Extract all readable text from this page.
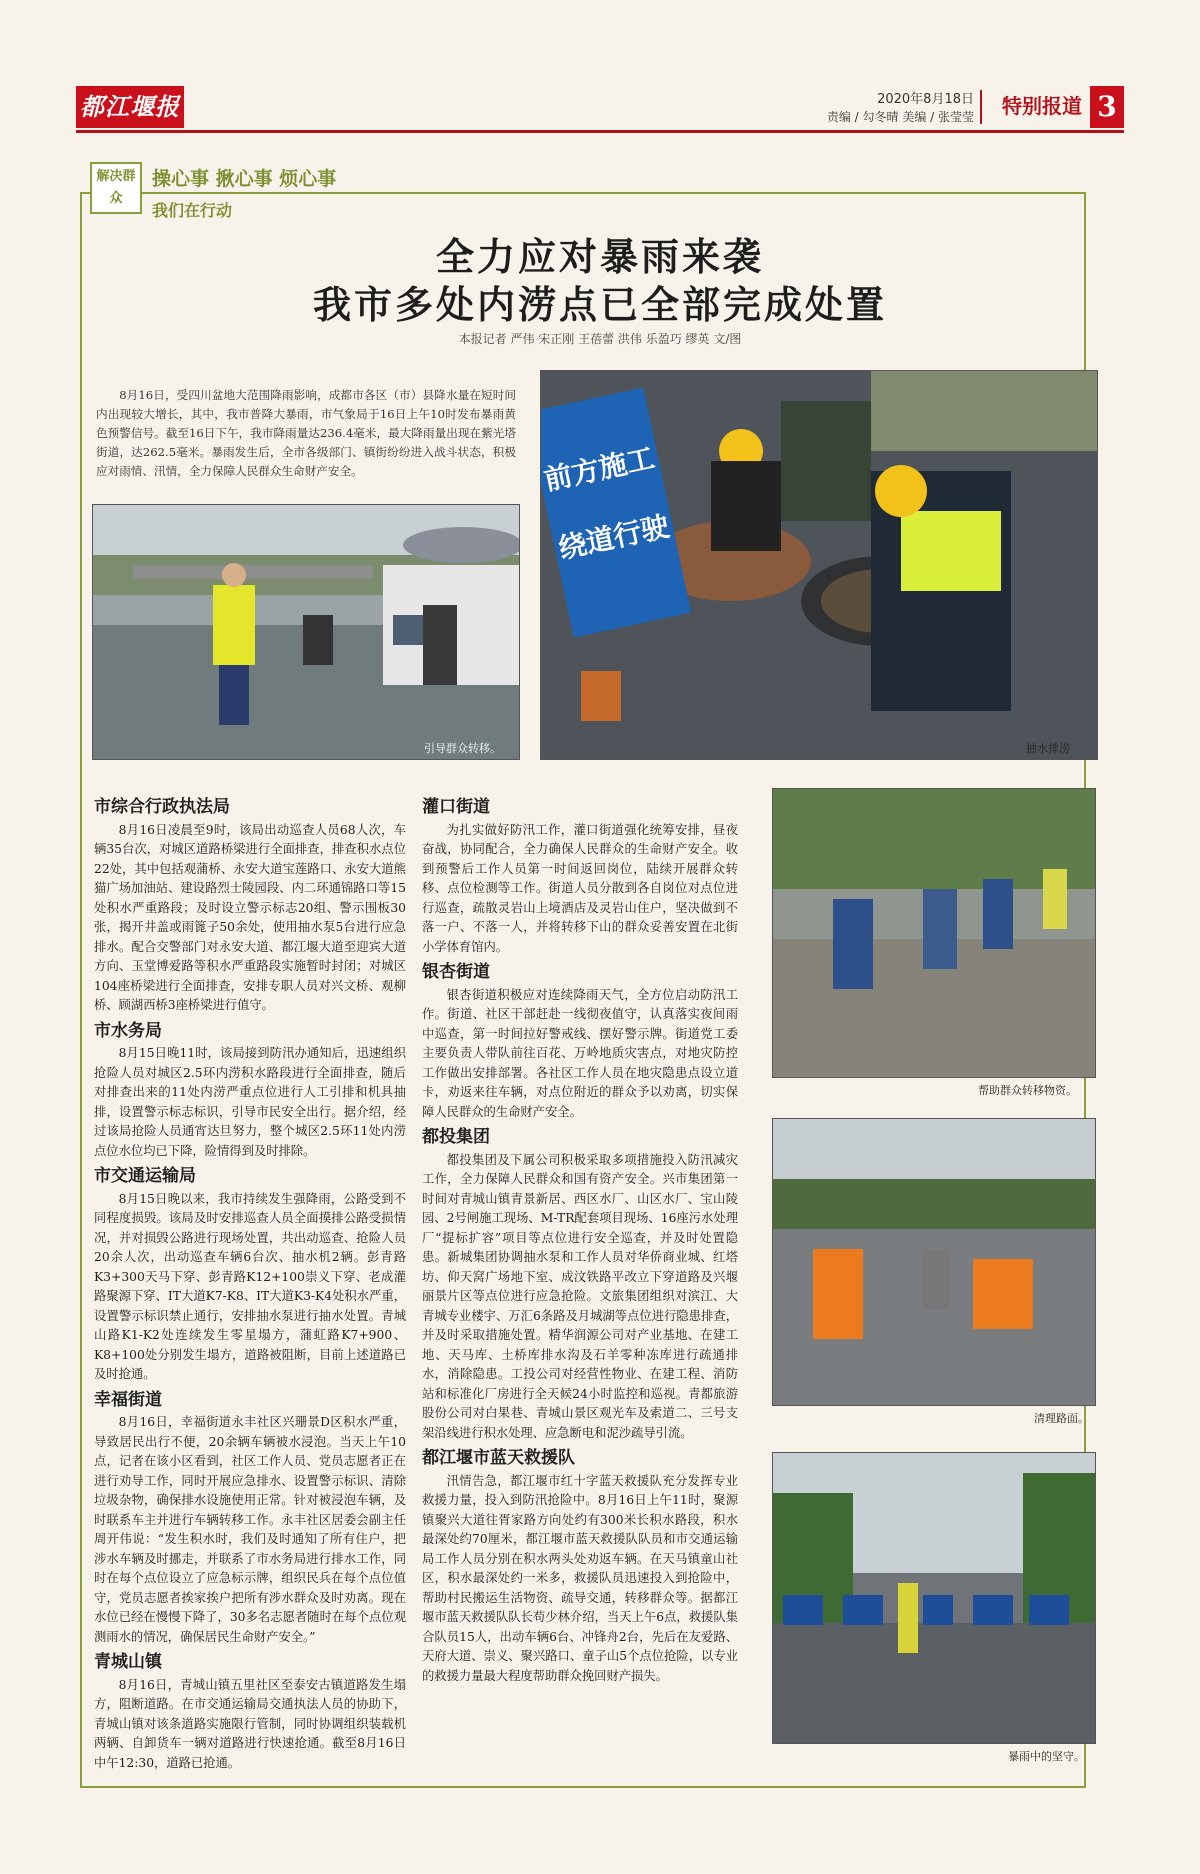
都江堰报	2020年8月18日
责编 / 勾冬晴 美编 / 张莹莹 特别报道 3
解决群众
操心事 揪心事 烦心事
我们在行动
全力应对暴雨来袭
我市多处内涝点已全部完成处置
本报记者 严伟 宋正刚 王蓓蕾 洪伟 乐盈巧 缪英 文/图
8月16日，受四川盆地大范围降雨影响，成都市各区（市）县降水量在短时间内出现较大增长，其中，我市普降大暴雨，市气象局于16日上午10时发布暴雨黄色预警信号。截至16日下午，我市降雨量达236.4毫米，最大降雨量出现在紫光塔街道，达262.5毫米。暴雨发生后，全市各级部门、镇街纷纷进入战斗状态，积极应对雨情、汛情，全力保障人民群众生命财产安全。
引导群众转移。
前方施工
绕道行驶
抽水排涝
市综合行政执法局

8月16日凌晨至9时，该局出动巡查人员68人次，车辆35台次，对城区道路桥梁进行全面排查，排查积水点位22处，其中包括观蒲桥、永安大道宝莲路口、永安大道熊猫广场加油站、建设路烈士陵园段、内二环通锦路口等15处积水严重路段；及时设立警示标志20组、警示围板30张，揭开井盖或雨篦子50余处，使用抽水泵5台进行应急排水。配合交警部门对永安大道、都江堰大道至迎宾大道方向、玉堂博爱路等积水严重路段实施暂时封闭；对城区104座桥梁进行全面排查，安排专职人员对兴文桥、观柳桥、顾湖西桥3座桥梁进行值守。

市水务局

8月15日晚11时，该局接到防汛办通知后，迅速组织抢险人员对城区2.5环内涝积水路段进行全面排查，随后对排查出来的11处内涝严重点位进行人工引排和机具抽排，设置警示标志标识，引导市民安全出行。据介绍，经过该局抢险人员通宵达旦努力，整个城区2.5环11处内涝点位水位均已下降，险情得到及时排除。

市交通运输局

8月15日晚以来，我市持续发生强降雨，公路受到不同程度损毁。该局及时安排巡查人员全面摸排公路受损情况，并对损毁公路进行现场处置，共出动巡查、抢险人员20余人次，出动巡查车辆6台次、抽水机2辆。彭青路K3+300天马下穿、彭青路K12+100崇义下穿、老成灌路聚源下穿、IT大道K7-K8、IT大道K3-K4处积水严重，设置警示标识禁止通行，安排抽水泵进行抽水处置。青城山路K1-K2处连续发生零星塌方，蒲虹路K7+900、K8+100处分别发生塌方，道路被阻断，目前上述道路已及时抢通。

幸福街道

8月16日，幸福街道永丰社区兴珊景D区积水严重，导致居民出行不便，20余辆车辆被水浸泡。当天上午10点，记者在该小区看到，社区工作人员、党员志愿者正在进行劝导工作，同时开展应急排水、设置警示标识、清除垃圾杂物，确保排水设施使用正常。针对被浸泡车辆，及时联系车主并进行车辆转移工作。永丰社区居委会副主任周开伟说：“发生积水时，我们及时通知了所有住户，把涉水车辆及时挪走，并联系了市水务局进行排水工作，同时在每个点位设立了应急标示牌，组织民兵在每个点位值守，党员志愿者挨家挨户把所有涉水群众及时劝离。现在水位已经在慢慢下降了，30多名志愿者随时在每个点位观测雨水的情况，确保居民生命财产安全。”

青城山镇

8月16日，青城山镇五里社区至泰安古镇道路发生塌方，阻断道路。在市交通运输局交通执法人员的协助下，青城山镇对该条道路实施限行管制，同时协调组织装载机两辆、自卸货车一辆对道路进行快速抢通。截至8月16日中午12:30，道路已抢通。

灌口街道

为扎实做好防汛工作，灌口街道强化统筹安排，昼夜奋战，协同配合，全力确保人民群众的生命财产安全。收到预警后工作人员第一时间返回岗位，陆续开展群众转移、点位检测等工作。街道人员分散到各自岗位对点位进行巡查，疏散灵岩山上境酒店及灵岩山住户，坚决做到不落一户、不落一人，并将转移下山的群众妥善安置在北街小学体育馆内。

银杏街道

银杏街道积极应对连续降雨天气，全方位启动防汛工作。街道、社区干部赶赴一线彻夜值守，认真落实夜间雨中巡查，第一时间拉好警戒线、摆好警示牌。街道党工委主要负责人带队前往百花、万岭地质灾害点，对地灾防控工作做出安排部署。各社区工作人员在地灾隐患点设立道卡，劝返来往车辆，对点位附近的群众予以劝离，切实保障人民群众的生命财产安全。

都投集团

都投集团及下属公司积极采取多项措施投入防汛减灾工作，全力保障人民群众和国有资产安全。兴市集团第一时间对青城山镇青景新居、西区水厂、山区水厂、宝山陵园、2号闸施工现场、M-TR配套项目现场、16座污水处理厂“提标扩容”项目等点位进行安全巡查，并及时处置隐患。新城集团协调抽水泵和工作人员对华侨商业城、红塔坊、仰天窝广场地下室、成汶铁路平改立下穿道路及兴堰丽景片区等点位进行应急抢险。文旅集团组织对滨江、大青城专业楼宇、万汇6条路及月城湖等点位进行隐患排查，并及时采取措施处置。精华润源公司对产业基地、在建工地、天马库、土桥库排水沟及石羊零种冻库进行疏通排水，消除隐患。工投公司对经营性物业、在建工程、消防站和标准化厂房进行全天候24小时监控和巡视。青都旅游股份公司对白果巷、青城山景区观光车及索道二、三号支架沿线进行积水处理、应急断电和泥沙疏导引流。

都江堰市蓝天救援队

汛情告急，都江堰市红十字蓝天救援队充分发挥专业救援力量，投入到防汛抢险中。8月16日上午11时，聚源镇聚兴大道往胥家路方向处约有300米长积水路段，积水最深处约70厘米，都江堰市蓝天救援队队员和市交通运输局工作人员分别在积水两头处劝返车辆。在天马镇童山社区，积水最深处约一米多，救援队员迅速投入到抢险中，帮助村民搬运生活物资、疏导交通，转移群众等。据都江堰市蓝天救援队队长苟少林介绍，当天上午6点，救援队集合队员15人，出动车辆6台、冲锋舟2台，先后在友爱路、天府大道、崇义、聚兴路口、童子山5个点位抢险，以专业的救援力量最大程度帮助群众挽回财产损失。

帮助群众转移物资。
清理路面。
暴雨中的坚守。
